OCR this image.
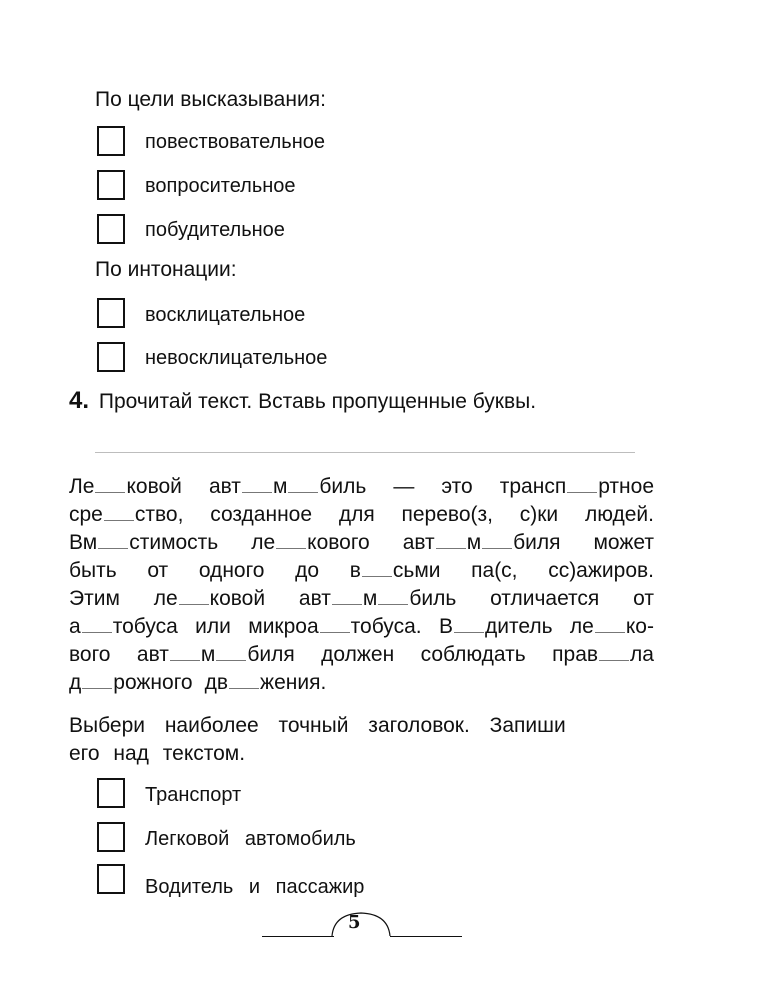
По цели высказывания:
повествовательное
вопросительное
побудительное
По интонации:
восклицательное
невосклицательное
4. Прочитай текст. Вставь пропущенные буквы.
Ле ковой авт м биль — это трансп ртное
сре ство, созданное для перево(з, с)ки людей.
Вм стимость ле кового авт м биля может
быть от одного до в сьми па(с, сс)ажиров.
Этим ле ковой авт м биль отличается от
а тобуса или микроа тобуса. В дитель ле ко-
вого авт м биля должен соблюдать прав ла
д рожного дв жения.
Выбери наиболее точный заголовок. Запиши
его над текстом.
Транспорт
Легковой автомобиль
Водитель и пассажир
5
